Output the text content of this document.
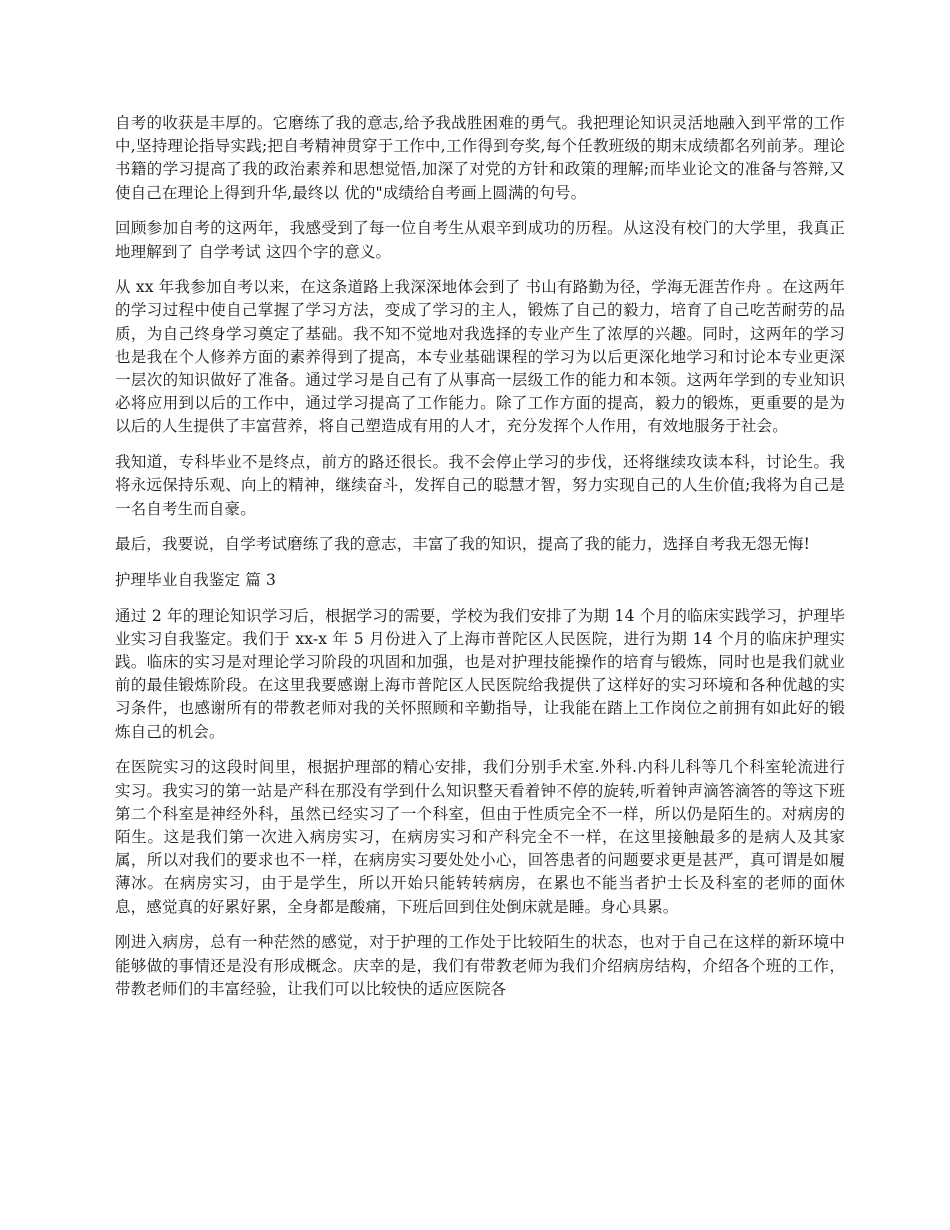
自考的收获是丰厚的。它磨练了我的意志,给予我战胜困难的勇气。我把理论知识灵活地融入到平常的工作中,坚持理论指导实践;把自考精神贯穿于工作中,工作得到夸奖,每个任教班级的期末成绩都名列前茅。理论书籍的学习提高了我的政治素养和思想觉悟,加深了对党的方针和政策的理解;而毕业论文的准备与答辩,又使自己在理论上得到升华,最终以 优的"成绩给自考画上圆满的句号。

回顾参加自考的这两年，我感受到了每一位自考生从艰辛到成功的历程。从这没有校门的大学里，我真正地理解到了 自学考试 这四个字的意义。

从 xx 年我参加自考以来，在这条道路上我深深地体会到了 书山有路勤为径，学海无涯苦作舟 。在这两年的学习过程中使自己掌握了学习方法，变成了学习的主人，锻炼了自己的毅力，培育了自己吃苦耐劳的品质，为自己终身学习奠定了基础。我不知不觉地对我选择的专业产生了浓厚的兴趣。同时，这两年的学习也是我在个人修养方面的素养得到了提高，本专业基础课程的学习为以后更深化地学习和讨论本专业更深一层次的知识做好了准备。通过学习是自己有了从事高一层级工作的能力和本领。这两年学到的专业知识必将应用到以后的工作中，通过学习提高了工作能力。除了工作方面的提高，毅力的锻炼，更重要的是为以后的人生提供了丰富营养，将自己塑造成有用的人才，充分发挥个人作用，有效地服务于社会。

我知道，专科毕业不是终点，前方的路还很长。我不会停止学习的步伐，还将继续攻读本科，讨论生。我将永远保持乐观、向上的精神，继续奋斗，发挥自己的聪慧才智，努力实现自己的人生价值;我将为自己是一名自考生而自豪。

最后，我要说，自学考试磨练了我的意志，丰富了我的知识，提高了我的能力，选择自考我无怨无悔!

护理毕业自我鉴定 篇 3

通过 2 年的理论知识学习后，根据学习的需要，学校为我们安排了为期 14 个月的临床实践学习，护理毕业实习自我鉴定。我们于 xx-x 年 5 月份进入了上海市普陀区人民医院，进行为期 14 个月的临床护理实践。临床的实习是对理论学习阶段的巩固和加强，也是对护理技能操作的培育与锻炼，同时也是我们就业前的最佳锻炼阶段。在这里我要感谢上海市普陀区人民医院给我提供了这样好的实习环境和各种优越的实习条件，也感谢所有的带教老师对我的关怀照顾和辛勤指导，让我能在踏上工作岗位之前拥有如此好的锻炼自己的机会。

在医院实习的这段时间里，根据护理部的精心安排，我们分别手术室.外科.内科儿科等几个科室轮流进行实习。我实习的第一站是产科在那没有学到什么知识整天看着钟不停的旋转,听着钟声滴答滴答的等这下班第二个科室是神经外科，虽然已经实习了一个科室，但由于性质完全不一样，所以仍是陌生的。对病房的陌生。这是我们第一次进入病房实习，在病房实习和产科完全不一样，在这里接触最多的是病人及其家属，所以对我们的要求也不一样，在病房实习要处处小心，回答患者的问题要求更是甚严，真可谓是如履薄冰。在病房实习，由于是学生，所以开始只能转转病房，在累也不能当者护士长及科室的老师的面休息，感觉真的好累好累，全身都是酸痛，下班后回到住处倒床就是睡。身心具累。

刚进入病房，总有一种茫然的感觉，对于护理的工作处于比较陌生的状态，也对于自己在这样的新环境中能够做的事情还是没有形成概念。庆幸的是，我们有带教老师为我们介绍病房结构，介绍各个班的工作，带教老师们的丰富经验，让我们可以比较快的适应医院各
